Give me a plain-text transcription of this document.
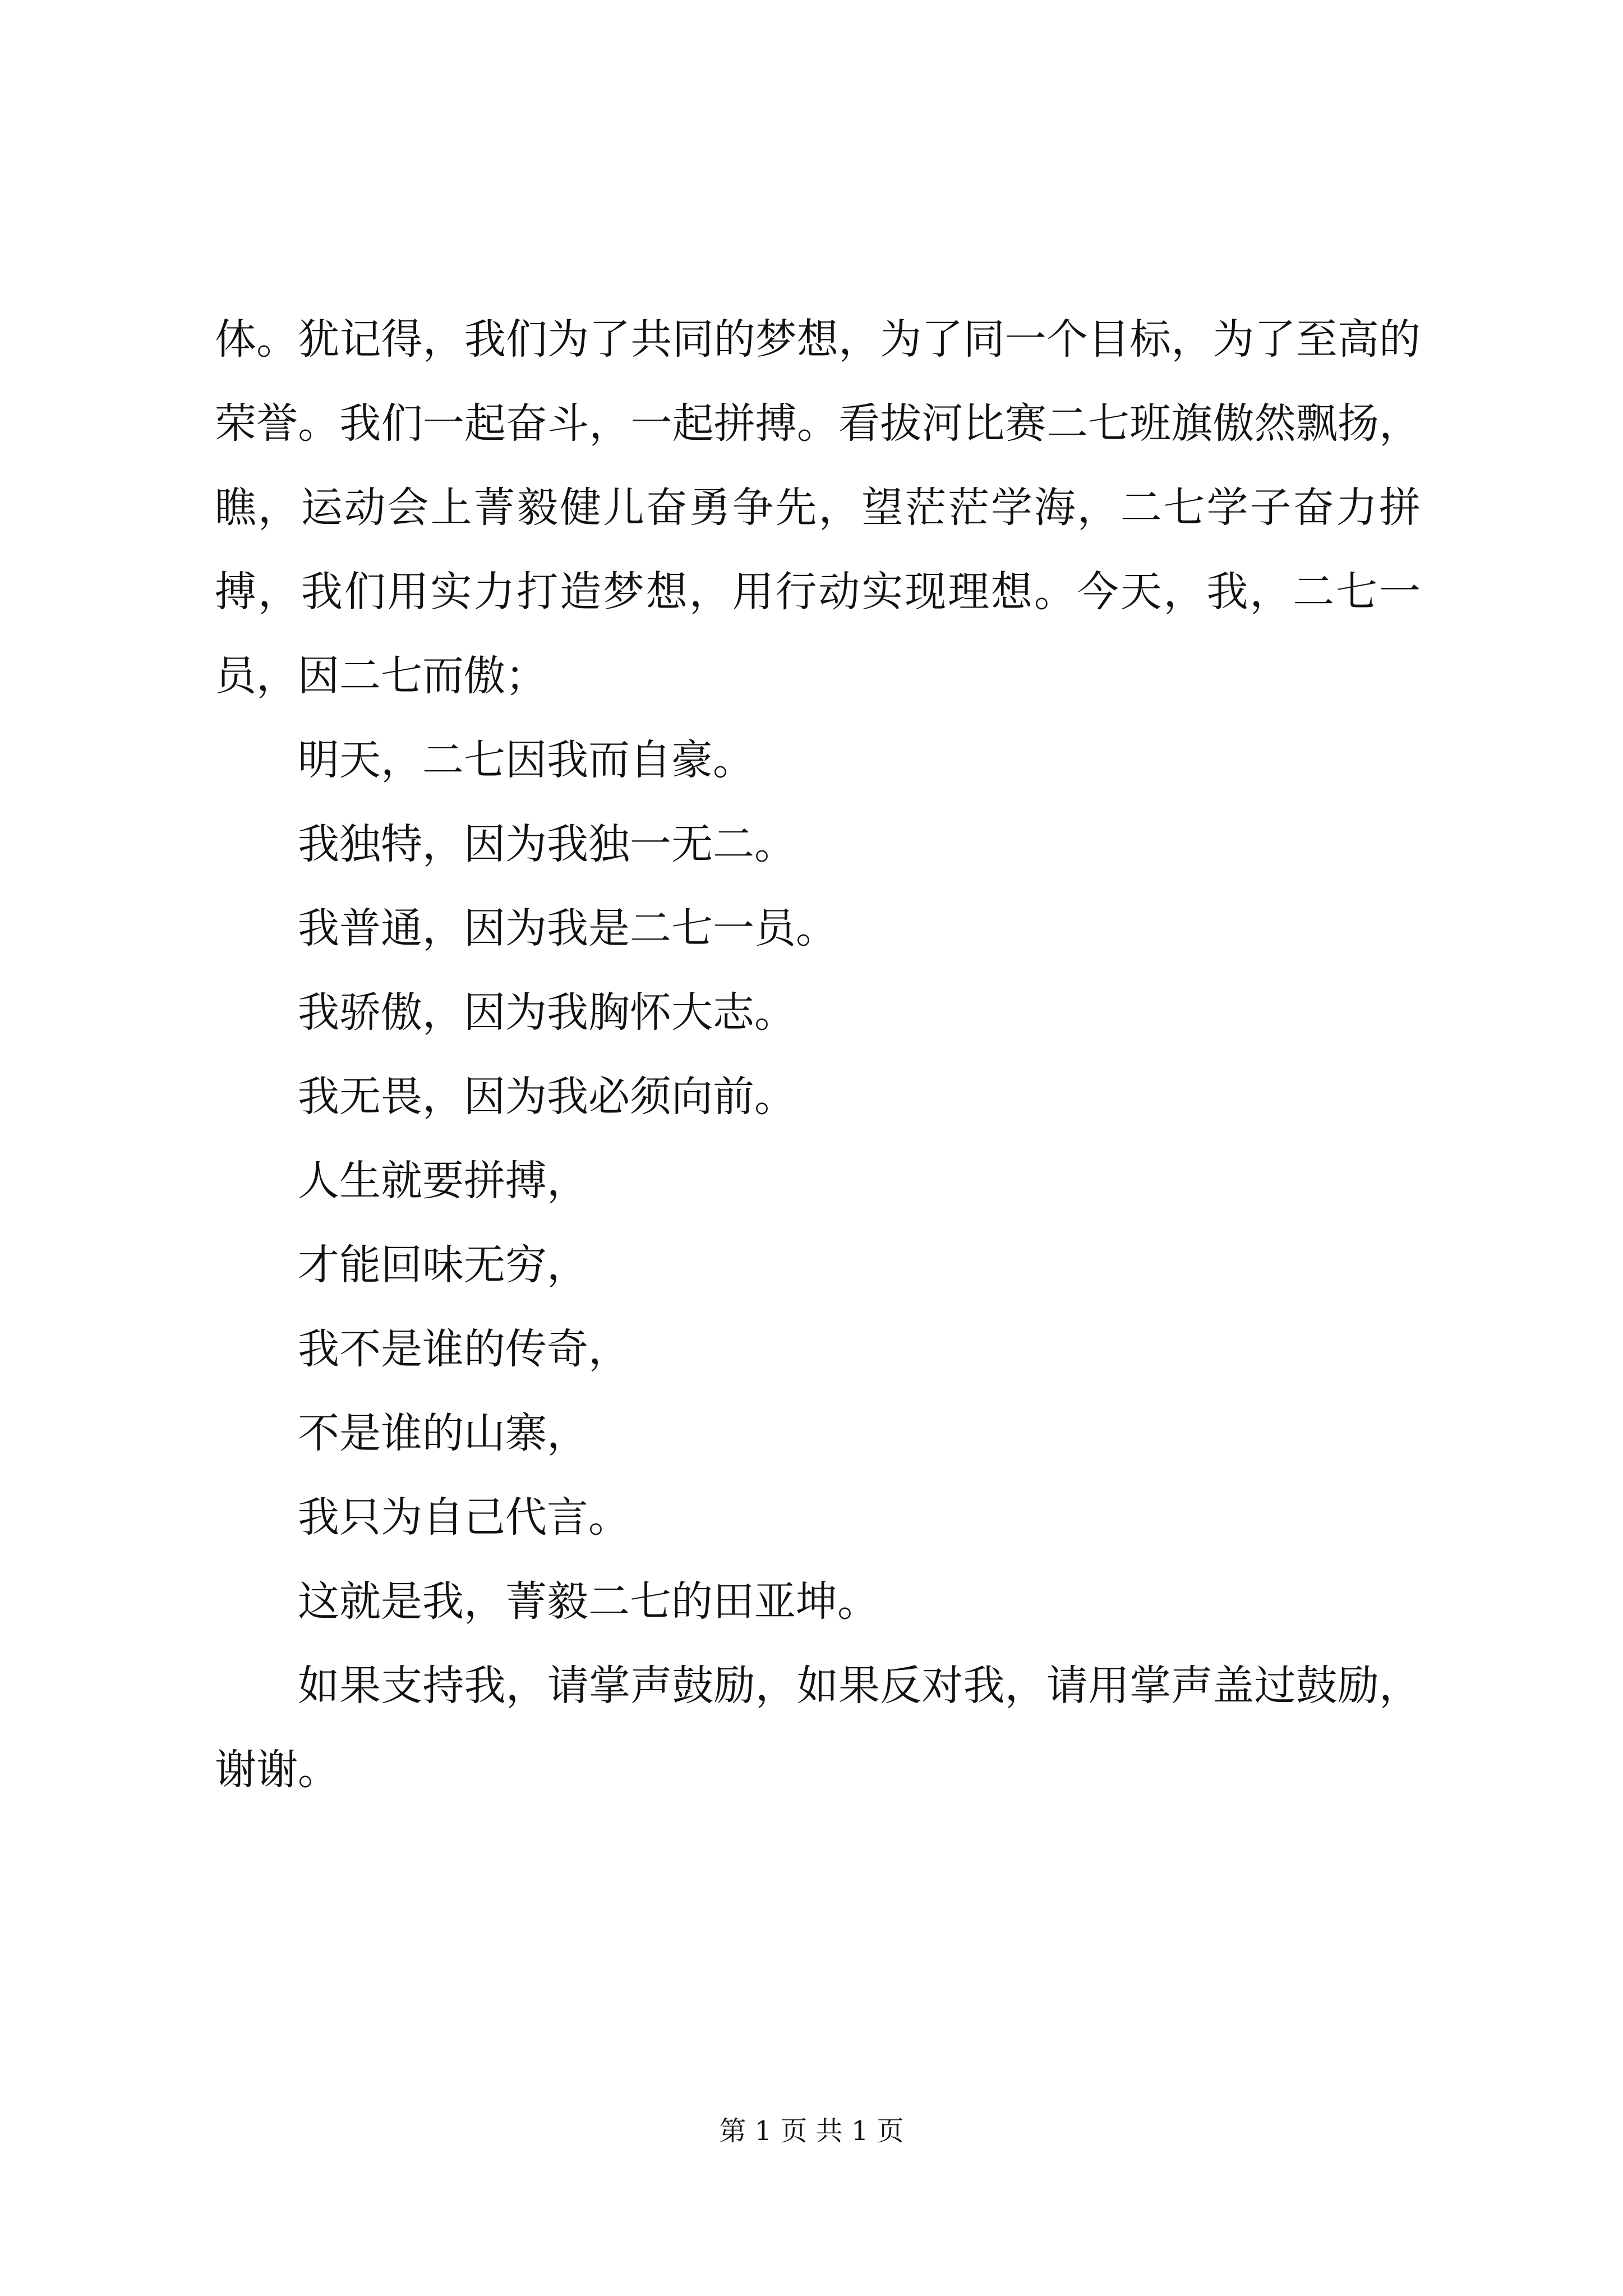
体。犹记得，我们为了共同的梦想，为了同一个目标，为了至高的荣誉。我们一起奋斗，一起拼搏。看拔河比赛二七班旗傲然飘扬，瞧，运动会上菁毅健儿奋勇争先，望茫茫学海，二七学子奋力拼搏，我们用实力打造梦想，用行动实现理想。今天，我，二七一员，因二七而傲；

明天，二七因我而自豪。

我独特，因为我独一无二。

我普通，因为我是二七一员。

我骄傲，因为我胸怀大志。

我无畏，因为我必须向前。

人生就要拼搏，

才能回味无穷，

我不是谁的传奇，

不是谁的山寨，

我只为自己代言。

这就是我，菁毅二七的田亚坤。

如果支持我，请掌声鼓励，如果反对我，请用掌声盖过鼓励，谢谢。

第 1 页 共 1 页
